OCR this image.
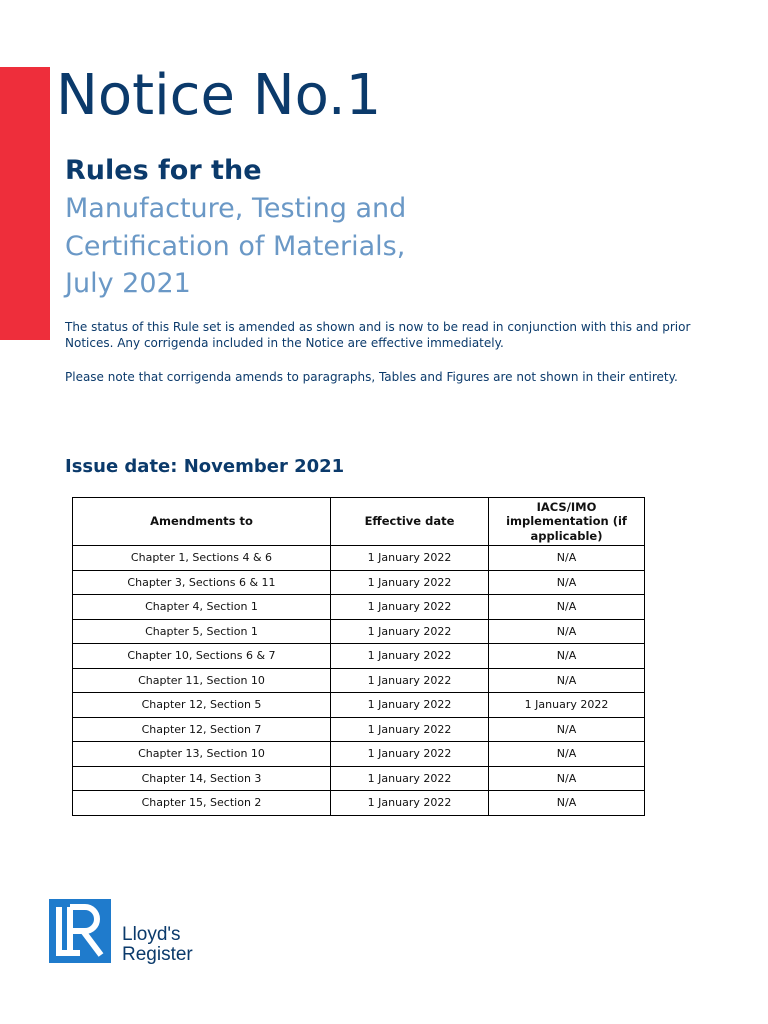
Notice No.1
Rules for the
Manufacture, Testing and
Certification of Materials,
July 2021

The status of this Rule set is amended as shown and is now to be read in conjunction with this and prior Notices. Any corrigenda included in the Notice are effective immediately.

Please note that corrigenda amends to paragraphs, Tables and Figures are not shown in their entirety.

Issue date: November 2021
Amendments to	Effective date	IACS/IMO implementation (if applicable)
Chapter 1, Sections 4 & 6	1 January 2022	N/A
Chapter 3, Sections 6 & 11	1 January 2022	N/A
Chapter 4, Section 1	1 January 2022	N/A
Chapter 5, Section 1	1 January 2022	N/A
Chapter 10, Sections 6 & 7	1 January 2022	N/A
Chapter 11, Section 10	1 January 2022	N/A
Chapter 12, Section 5	1 January 2022	1 January 2022
Chapter 12, Section 7	1 January 2022	N/A
Chapter 13, Section 10	1 January 2022	N/A
Chapter 14, Section 3	1 January 2022	N/A
Chapter 15, Section 2	1 January 2022	N/A
Lloyd's
Register
